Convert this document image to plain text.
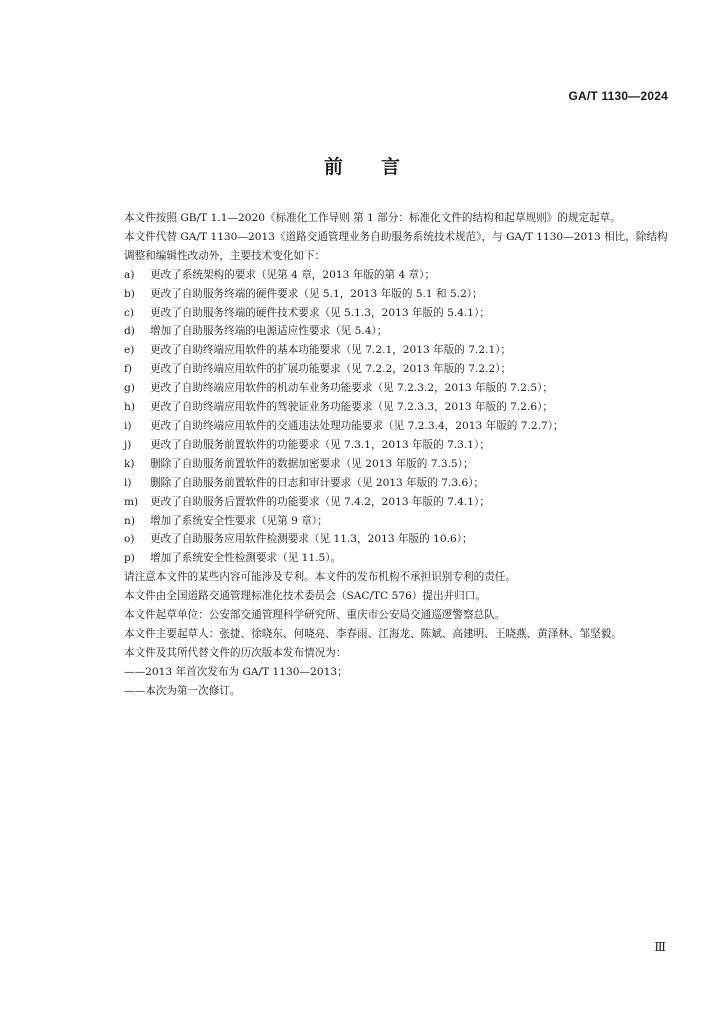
GA/T 1130—2024
前言

本文件按照 GB/T 1.1—2020《标准化工作导则 第 1 部分：标准化文件的结构和起草规则》的规定起草。

本文件代替 GA/T 1130—2013《道路交通管理业务自助服务系统技术规范》，与 GA/T 1130—2013 相比，除结构调整和编辑性改动外，主要技术变化如下：

a)	更改了系统架构的要求（见第 4 章，2013 年版的第 4 章）；
b)	更改了自助服务终端的硬件要求（见 5.1，2013 年版的 5.1 和 5.2）；
c)	更改了自助服务终端的硬件技术要求（见 5.1.3，2013 年版的 5.4.1）；
d)	增加了自助服务终端的电源适应性要求（见 5.4）；
e)	更改了自助终端应用软件的基本功能要求（见 7.2.1，2013 年版的 7.2.1）；
f)	更改了自助终端应用软件的扩展功能要求（见 7.2.2，2013 年版的 7.2.2）；
g)	更改了自助终端应用软件的机动车业务功能要求（见 7.2.3.2，2013 年版的 7.2.5）；
h)	更改了自助终端应用软件的驾驶证业务功能要求（见 7.2.3.3，2013 年版的 7.2.6）；
i)	更改了自助终端应用软件的交通违法处理功能要求（见 7.2.3.4，2013 年版的 7.2.7）；
j)	更改了自助服务前置软件的功能要求（见 7.3.1，2013 年版的 7.3.1）；
k)	删除了自助服务前置软件的数据加密要求（见 2013 年版的 7.3.5）；
l)	删除了自助服务前置软件的日志和审计要求（见 2013 年版的 7.3.6）；
m)	更改了自助服务后置软件的功能要求（见 7.4.2，2013 年版的 7.4.1）；
n)	增加了系统安全性要求（见第 9 章）；
o)	更改了自助服务应用软件检测要求（见 11.3，2013 年版的 10.6）；
p)	增加了系统安全性检测要求（见 11.5）。

请注意本文件的某些内容可能涉及专利。本文件的发布机构不承担识别专利的责任。

本文件由全国道路交通管理标准化技术委员会（SAC/TC 576）提出并归口。

本文件起草单位：公安部交通管理科学研究所、重庆市公安局交通巡逻警察总队。

本文件主要起草人：张捷、徐晓东、何晓亮、李春雨、江海龙、陈斌、高建明、王晓燕、黄泽林、邹坚毅。

本文件及其所代替文件的历次版本发布情况为：

——2013 年首次发布为 GA/T 1130—2013；

——本次为第一次修订。

Ⅲ
